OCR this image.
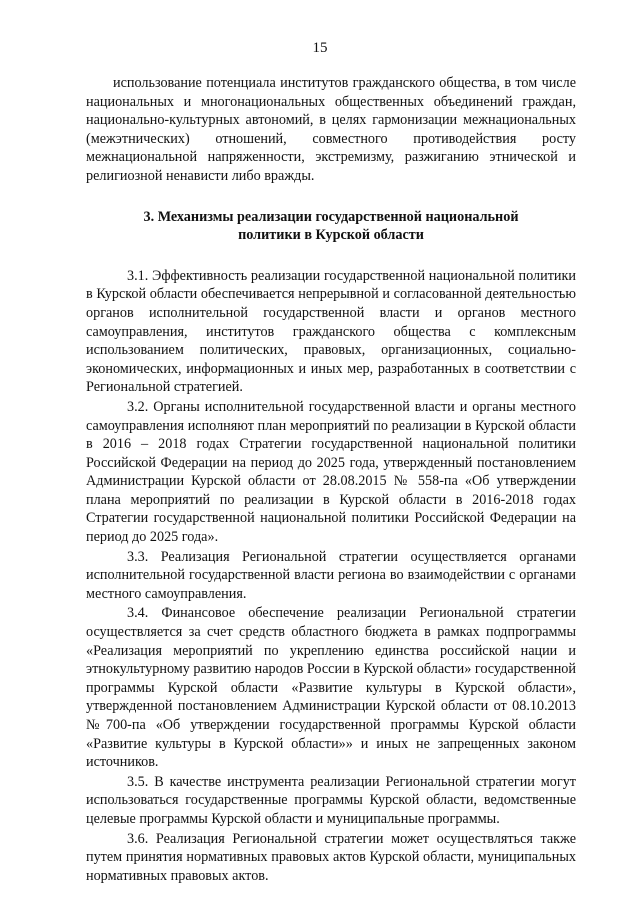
15

использование потенциала институтов гражданского общества, в том числе национальных и многонациональных общественных объединений граждан, национально-культурных автономий, в целях гармонизации межнациональных (межэтнических) отношений, совместного противодействия росту межнациональной напряженности, экстремизму, разжиганию этнической и религиозной ненависти либо вражды.

3. Механизмы реализации государственной национальной политики в Курской области

3.1. Эффективность реализации государственной национальной политики в Курской области обеспечивается непрерывной и согласованной деятельностью органов исполнительной государственной власти и органов местного самоуправления, институтов гражданского общества с комплексным использованием политических, правовых, организационных, социально-экономических, информационных и иных мер, разработанных в соответствии с Региональной стратегией.

3.2. Органы исполнительной государственной власти и органы местного самоуправления исполняют план мероприятий по реализации в Курской области в 2016 – 2018 годах Стратегии государственной национальной политики Российской Федерации на период до 2025 года, утвержденный постановлением Администрации Курской области от 28.08.2015 № 558-па «Об утверждении плана мероприятий по реализации в Курской области в 2016-2018 годах Стратегии государственной национальной политики Российской Федерации на период до 2025 года».

3.3. Реализация Региональной стратегии осуществляется органами исполнительной государственной власти региона во взаимодействии с органами местного самоуправления.

3.4. Финансовое обеспечение реализации Региональной стратегии осуществляется за счет средств областного бюджета в рамках подпрограммы «Реализация мероприятий по укреплению единства российской нации и этнокультурному развитию народов России в Курской области» государственной программы Курской области «Развитие культуры в Курской области», утвержденной постановлением Администрации Курской области от 08.10.2013 №700-па «Об утверждении государственной программы Курской области «Развитие культуры в Курской области»» и иных не запрещенных законом источников.

3.5. В качестве инструмента реализации Региональной стратегии могут использоваться государственные программы Курской области, ведомственные целевые программы Курской области и муниципальные программы.

3.6. Реализация Региональной стратегии может осуществляться также путем принятия нормативных правовых актов Курской области, муниципальных нормативных правовых актов.
